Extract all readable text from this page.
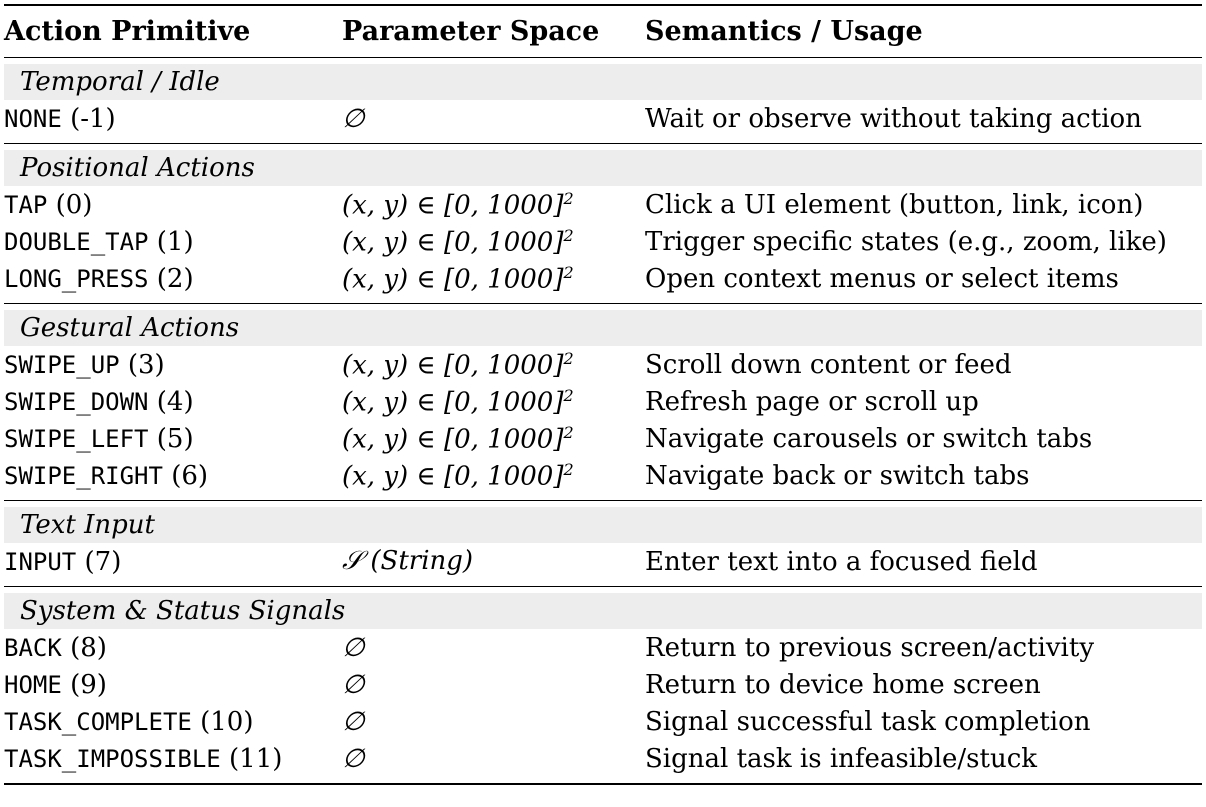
Action Primitive	Parameter Space	Semantics / Usage
Temporal / Idle
NONE (-1)	∅	Wait or observe without taking action
Positional Actions
TAP (0)	(x, y) ∈ [0, 1000]$^2$	Click a UI element (button, link, icon)
DOUBLE_TAP (1)	(x, y) ∈ [0, 1000]$^2$	Trigger specific states (e.g., zoom, like)
LONG_PRESS (2)	(x, y) ∈ [0, 1000]$^2$	Open context menus or select items
Gestural Actions
SWIPE_UP (3)	(x, y) ∈ [0, 1000]$^2$	Scroll down content or feed
SWIPE_DOWN (4)	(x, y) ∈ [0, 1000]$^2$	Refresh page or scroll up
SWIPE_LEFT (5)	(x, y) ∈ [0, 1000]$^2$	Navigate carousels or switch tabs
SWIPE_RIGHT (6)	(x, y) ∈ [0, 1000]$^2$	Navigate back or switch tabs
Text Input
INPUT (7)	𝒮 (String)	Enter text into a focused field
System & Status Signals
BACK (8)	∅	Return to previous screen/activity
HOME (9)	∅	Return to device home screen
TASK_COMPLETE (10)	∅	Signal successful task completion
TASK_IMPOSSIBLE (11)	∅	Signal task is infeasible/stuck
